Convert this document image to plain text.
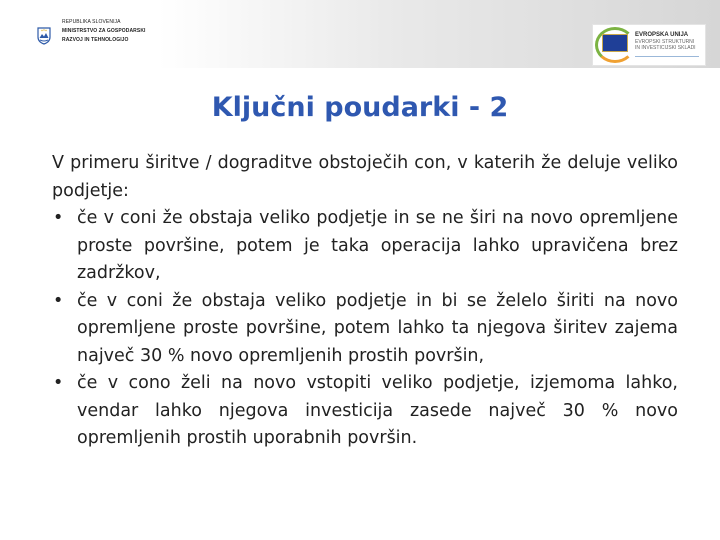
REPUBLIKA SLOVENIJA
MINISTRSTVO ZA GOSPODARSKI
RAZVOJ IN TEHNOLOGIJO
EVROPSKA UNIJA
EVROPSKI STRUKTURNI
IN INVESTICIJSKI SKLADI
Ključni poudarki - 2

V primeru širitve / dograditve obstoječih con, v katerih že deluje veliko podjetje:

• če v coni že obstaja veliko podjetje in se ne širi na novo opremljene proste površine, potem je taka operacija lahko upravičena brez zadržkov,
• če v coni že obstaja veliko podjetje in bi se želelo širiti na novo opremljene proste površine, potem lahko ta njegova širitev zajema največ 30 % novo opremljenih prostih površin,
• če v cono želi na novo vstopiti veliko podjetje, izjemoma lahko, vendar lahko njegova investicija zasede največ 30 % novo opremljenih prostih uporabnih površin.
